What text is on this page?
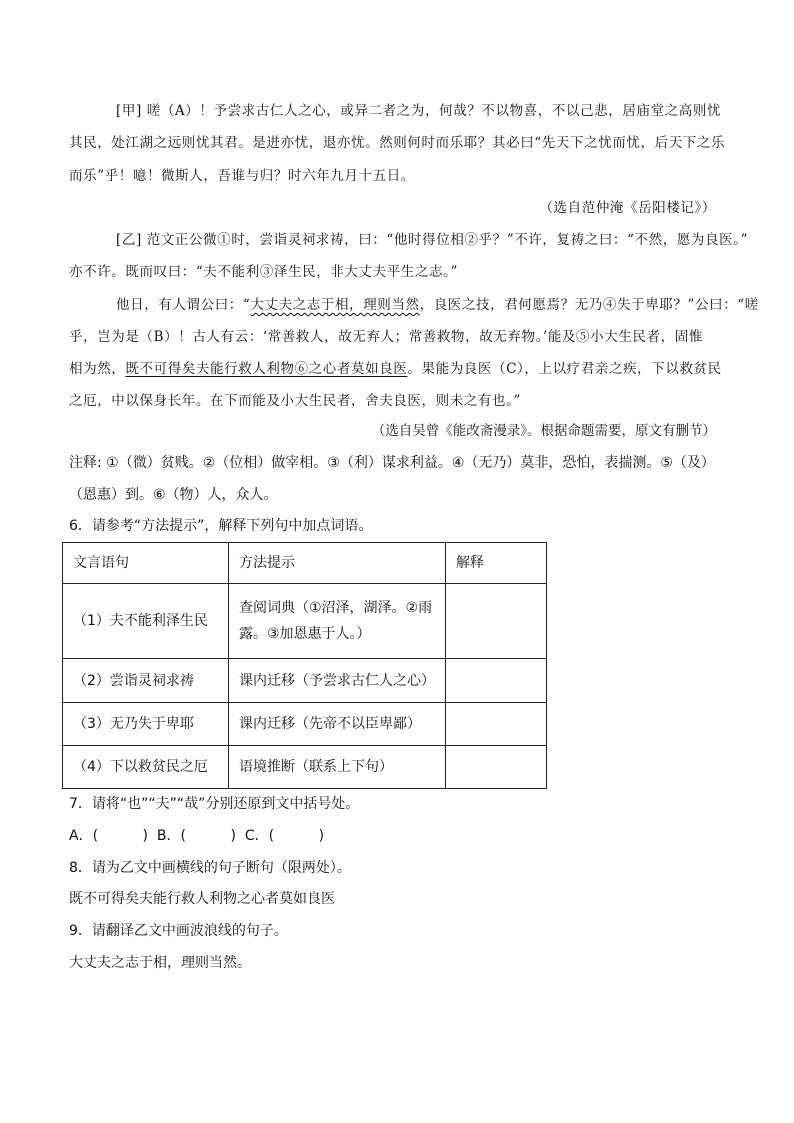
[甲] 嗟（A）！予尝求古仁人之心，或异二者之为，何哉？不以物喜，不以己悲，居庙堂之高则忧
其民，处江湖之远则忧其君。是进亦忧，退亦忧。然则何时而乐耶？其必曰“先天下之忧而忧，后天下之乐
而乐”乎！噫！微斯人，吾谁与归？时六年九月十五日。
（选自范仲淹《岳阳楼记》）
[乙] 范文正公微①时，尝诣灵祠求祷，曰：“他时得位相②乎？”不许，复祷之曰：“不然，愿为良医。”
亦不许。既而叹曰：“夫不能利③泽生民，非大丈夫平生之志。”
他日，有人谓公曰：“大丈夫之志于相，理则当然，良医之技，君何愿焉？无乃④失于卑耶？”公曰：“嗟
乎，岂为是（B）！古人有云：‘常善救人，故无弃人；常善救物，故无弃物。’能及⑤小大生民者，固惟
相为然，既不可得矣夫能行救人利物⑥之心者莫如良医。果能为良医（C），上以疗君亲之疾，下以救贫民
之厄，中以保身长年。在下而能及小大生民者，舍夫良医，则未之有也。”
（选自吴曾《能改斋漫录》。根据命题需要，原文有删节）
注释: ①（微）贫贱。②（位相）做宰相。③（利）谋求利益。④（无乃）莫非，恐怕，表揣测。⑤（及）
（恩惠）到。⑥（物）人，众人。
6．请参考“方法提示”，解释下列句中加点词语。
文言语句	方法提示	解释
（1）夫不能利泽生民	查阅词典（①沼泽，湖泽。②雨
露。③加恩惠于人。）	

（2）尝诣灵祠求祷	课内迁移（予尝求古仁人之心）	
（3）无乃失于卑耶	课内迁移（先帝不以臣卑鄙）	
（4）下以救贫民之厄	语境推断（联系上下句）	
7．请将“也”“夫”“哉”分别还原到文中括号处。
A．(          )  B．(          )  C．(          )
8．请为乙文中画横线的句子断句（限两处）。
既不可得矣夫能行救人利物之心者莫如良医
9．请翻译乙文中画波浪线的句子。
大丈夫之志于相，理则当然。
